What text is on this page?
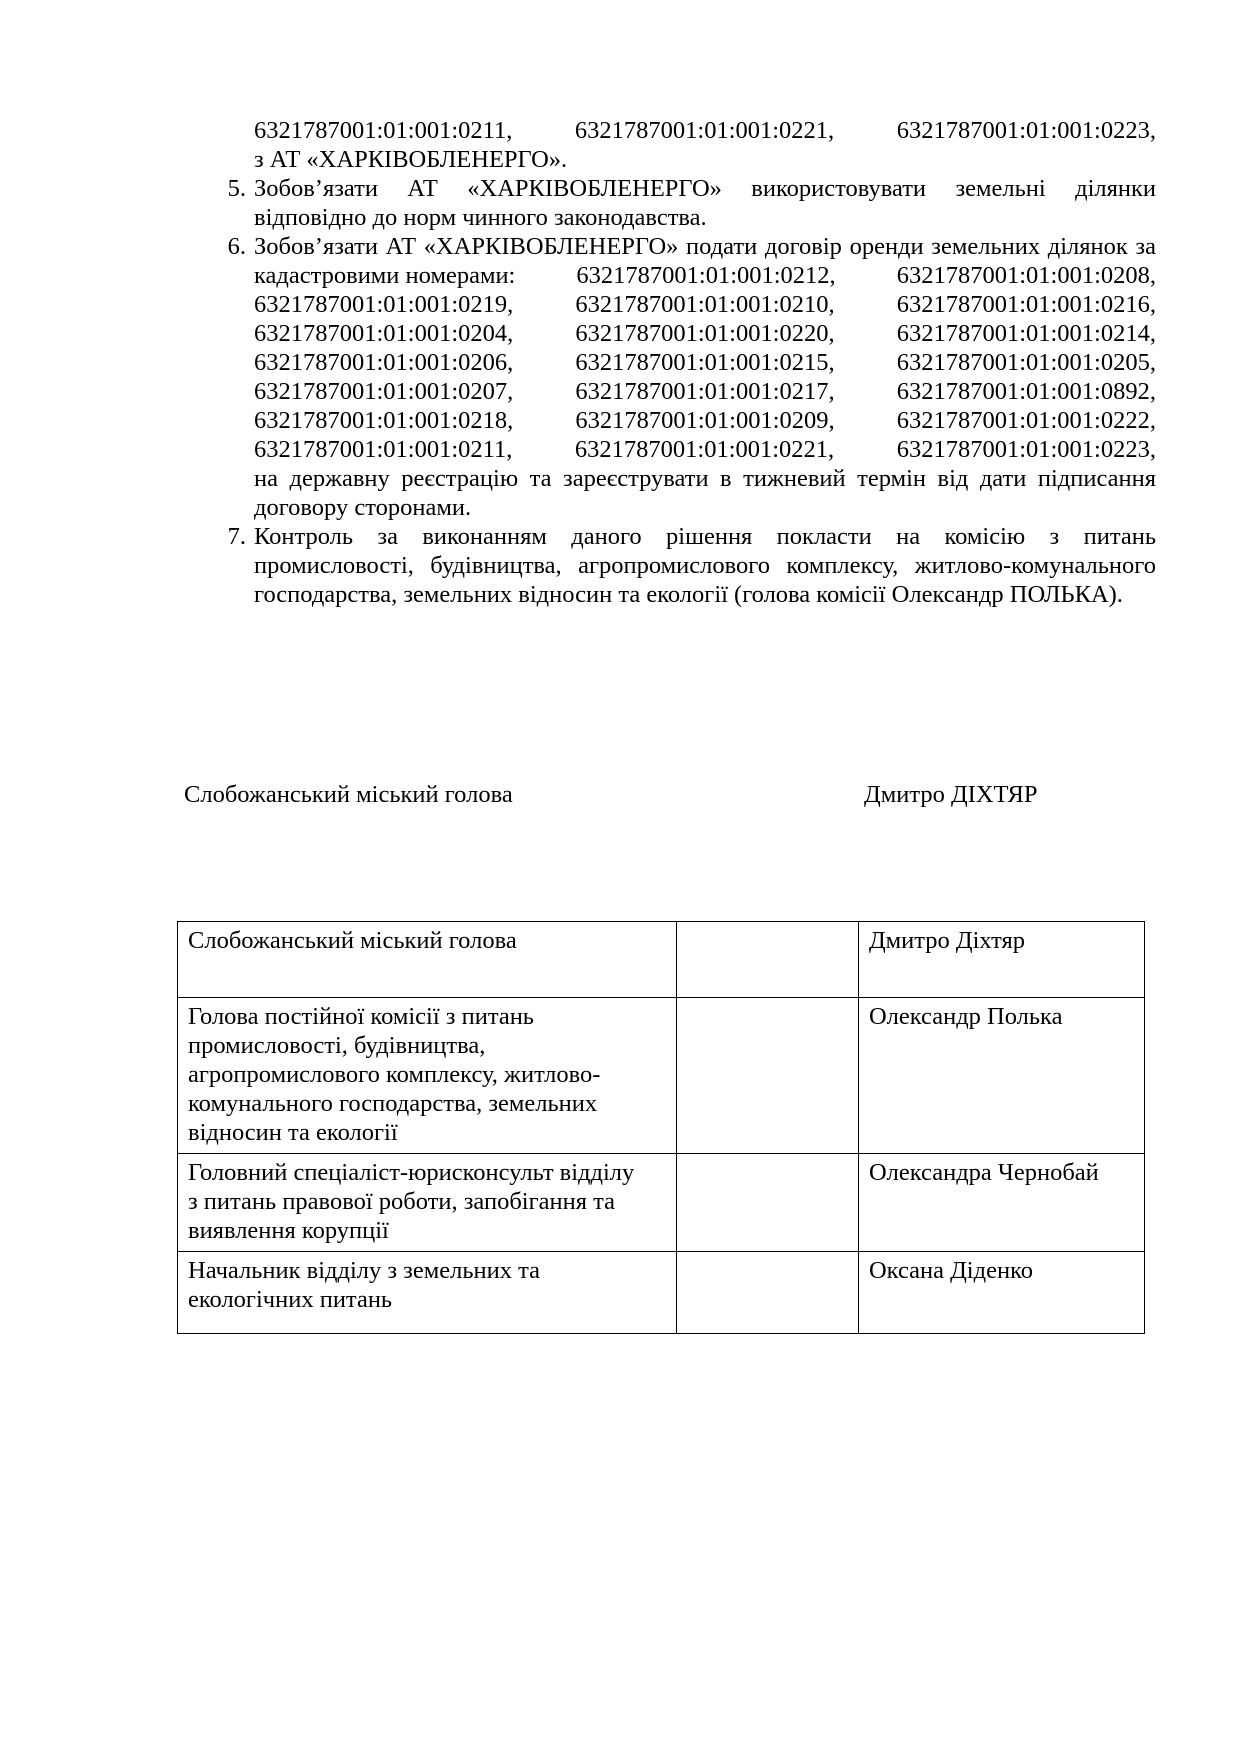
6321787001:01:001:0211,	6321787001:01:001:0221,	6321787001:01:001:0223,
з АТ «ХАРКІВОБЛЕНЕРГО».
5. Зобов’язати АТ «ХАРКІВОБЛЕНЕРГО» використовувати земельні ділянки
відповідно до норм чинного законодавства.
6. Зобов’язати АТ «ХАРКІВОБЛЕНЕРГО» подати договір оренди земельних ділянок за
кадастровими номерами: 6321787001:01:001:0212, 6321787001:01:001:0208,
6321787001:01:001:0219,	6321787001:01:001:0210,	6321787001:01:001:0216,
6321787001:01:001:0204,	6321787001:01:001:0220,	6321787001:01:001:0214,
6321787001:01:001:0206,	6321787001:01:001:0215,	6321787001:01:001:0205,
6321787001:01:001:0207,	6321787001:01:001:0217,	6321787001:01:001:0892,
6321787001:01:001:0218,	6321787001:01:001:0209,	6321787001:01:001:0222,
6321787001:01:001:0211,	6321787001:01:001:0221,	6321787001:01:001:0223,
на державну реєстрацію та зареєструвати в тижневий термін від дати підписання
договору сторонами.
7. Контроль за виконанням даного рішення покласти на комісію з питань
промисловості, будівництва, агропромислового комплексу, житлово-комунального
господарства, земельних відносин та екології (голова комісії Олександр ПОЛЬКА).
Слобожанський міський голова	Дмитро ДІХТЯР
Слобожанський міський голова		Дмитро Діхтяр

Голова постійної комісії з питань
промисловості, будівництва,
агропромислового комплексу, житлово-
комунального господарства, земельних
відносин та екології		Олександр Полька

Головний спеціаліст-юрисконсульт відділу
з питань правової роботи, запобігання та
виявлення корупції		Олександра Чернобай

Начальник відділу з земельних та
екологічних питань		Оксана Діденко
